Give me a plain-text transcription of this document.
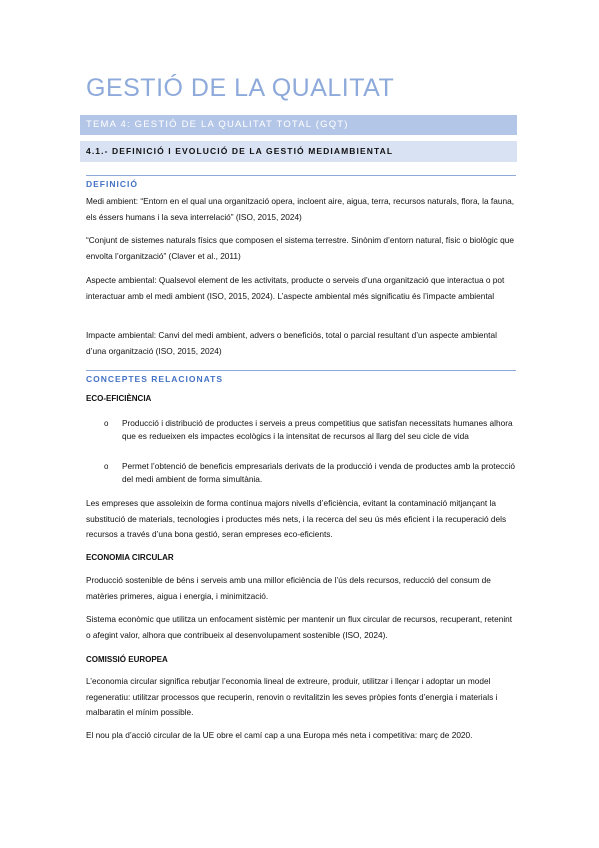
GESTIÓ DE LA QUALITAT
TEMA 4: GESTIÓ DE LA QUALITAT TOTAL (GQT)
4.1.- DEFINICIÓ I EVOLUCIÓ DE LA GESTIÓ MEDIAMBIENTAL
DEFINICIÓ
Medi ambient: “Entorn en el qual una organització opera, incloent aire, aigua, terra, recursos naturals, flora, la fauna, els éssers humans i la seva interrelació” (ISO, 2015, 2024)
“Conjunt de sistemes naturals físics que composen el sistema terrestre. Sinònim d’entorn natural, físic o biològic que envolta l’organització” (Claver et al., 2011)
Aspecte ambiental: Qualsevol element de les activitats, producte o serveis d’una organització que interactua o pot interactuar amb el medi ambient (ISO, 2015, 2024). L’aspecte ambiental més significatiu és l’impacte ambiental
Impacte ambiental: Canvi del medi ambient, advers o beneficiós, total o parcial resultant d’un aspecte ambiental d’una organització (ISO, 2015, 2024)
CONCEPTES RELACIONATS
ECO-EFICIÈNCIA
o Producció i distribució de productes i serveis a preus competitius que satisfan necessitats humanes alhora que es redueixen els impactes ecològics i la intensitat de recursos al llarg del seu cicle de vida
o Permet l’obtenció de beneficis empresarials derivats de la producció i venda de productes amb la protecció del medi ambient de forma simultània.
Les empreses que assoleixin de forma contínua majors nivells d’eficiència, evitant la contaminació mitjançant la substitució de materials, tecnologies i productes més nets, i la recerca del seu ús més eficient i la recuperació dels recursos a través d’una bona gestió, seran empreses eco-eficients.
ECONOMIA CIRCULAR
Producció sostenible de béns i serveis amb una millor eficiència de l’ús dels recursos, reducció del consum de matèries primeres, aigua i energia, i minimització.
Sistema econòmic que utilitza un enfocament sistèmic per mantenir un flux circular de recursos, recuperant, retenint o afegint valor, alhora que contribueix al desenvolupament sostenible (ISO, 2024).
COMISSIÓ EUROPEA
L’economia circular significa rebutjar l’economia lineal de extreure, produir, utilitzar i llençar i adoptar un model regeneratiu: utilitzar processos que recuperin, renovin o revitalitzin les seves pròpies fonts d’energia i materials i malbaratin el mínim possible.
El nou pla d’acció circular de la UE obre el camí cap a una Europa més neta i competitiva: març de 2020.
